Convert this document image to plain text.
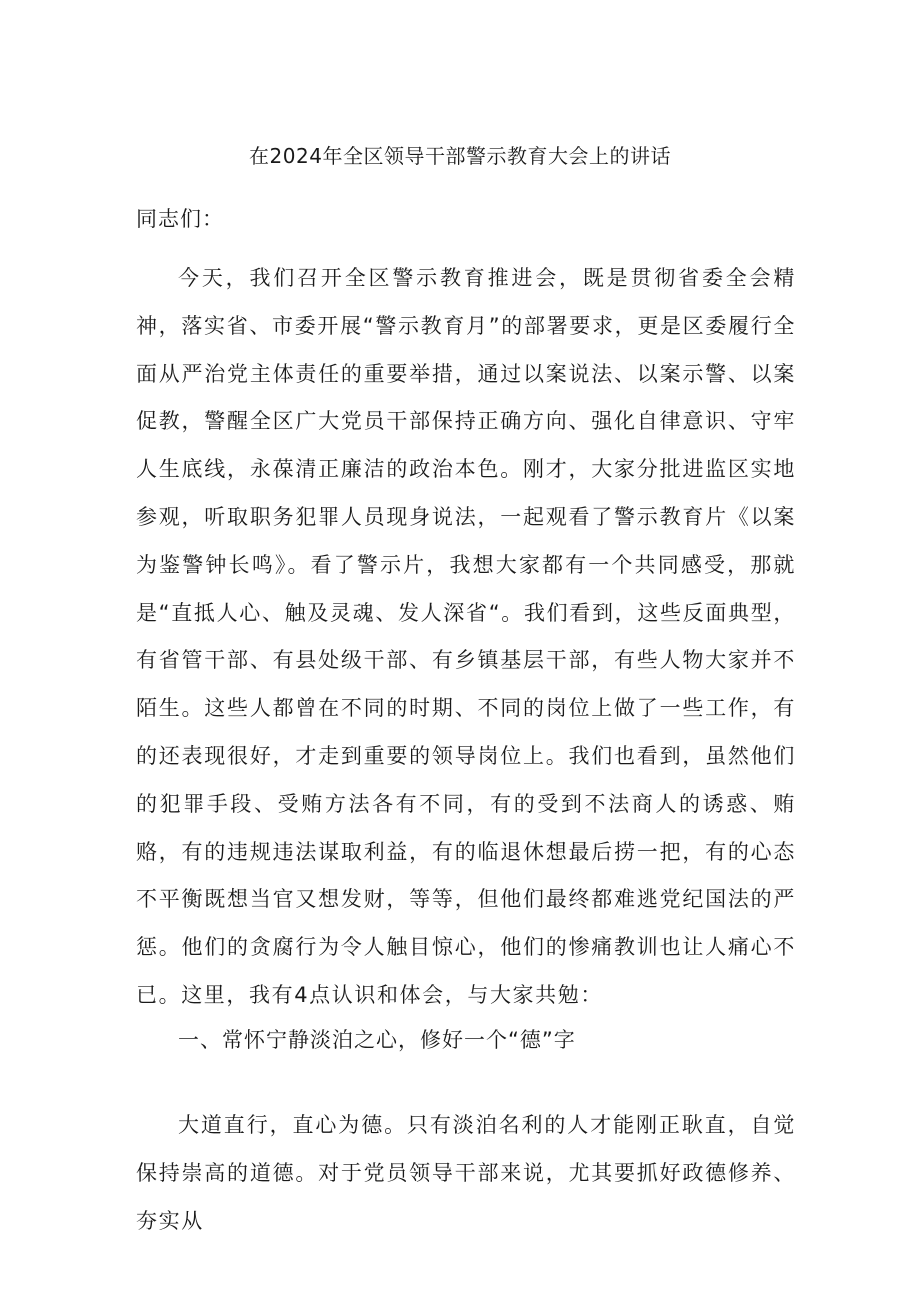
在2024年全区领导干部警示教育大会上的讲话
同志们：

今天，我们召开全区警示教育推进会，既是贯彻省委全会精神，落实省、市委开展“警示教育月”的部署要求，更是区委履行全面从严治党主体责任的重要举措，通过以案说法、以案示警、以案促教，警醒全区广大党员干部保持正确方向、强化自律意识、守牢人生底线，永葆清正廉洁的政治本色。刚才，大家分批进监区实地参观，听取职务犯罪人员现身说法，一起观看了警示教育片《以案为鉴警钟长鸣》。看了警示片，我想大家都有一个共同感受，那就是“直抵人心、触及灵魂、发人深省“。我们看到，这些反面典型，有省管干部、有县处级干部、有乡镇基层干部，有些人物大家并不陌生。这些人都曾在不同的时期、不同的岗位上做了一些工作，有的还表现很好，才走到重要的领导岗位上。我们也看到，虽然他们的犯罪手段、受贿方法各有不同，有的受到不法商人的诱惑、贿赂，有的违规违法谋取利益，有的临退休想最后捞一把，有的心态不平衡既想当官又想发财，等等，但他们最终都难逃党纪国法的严惩。他们的贪腐行为令人触目惊心，他们的惨痛教训也让人痛心不已。这里，我有4点认识和体会，与大家共勉：

一、常怀宁静淡泊之心，修好一个“德”字

大道直行，直心为德。只有淡泊名利的人才能刚正耿直，自觉保持崇高的道德。对于党员领导干部来说，尤其要抓好政德修养、夯实从
